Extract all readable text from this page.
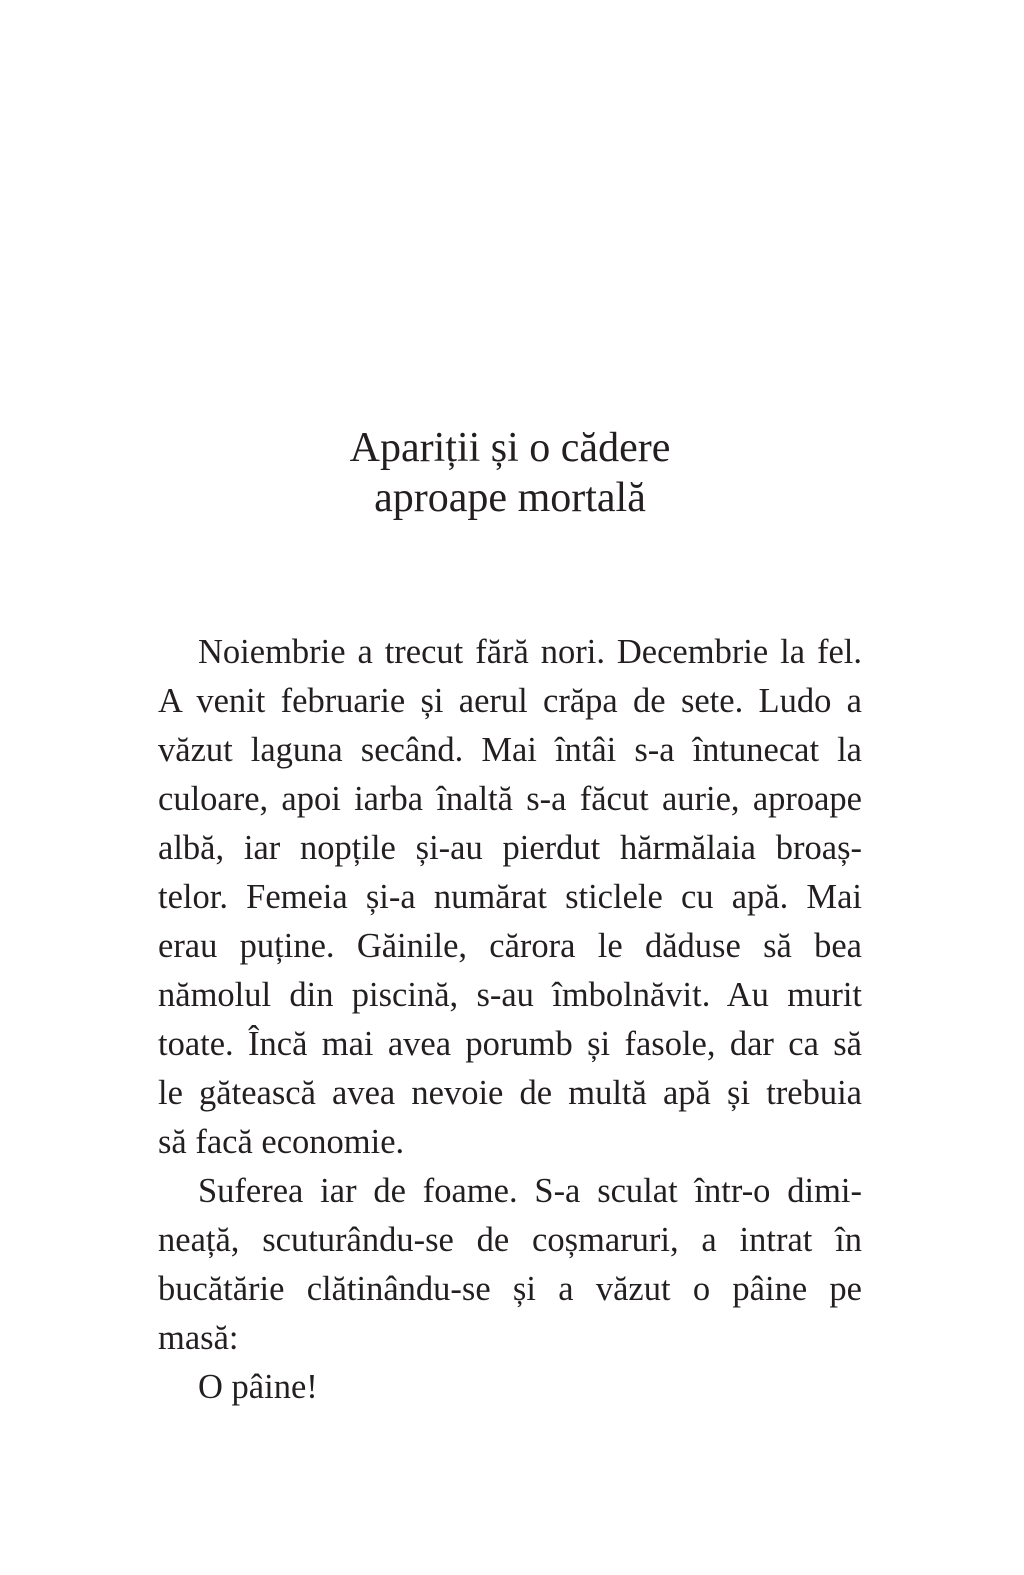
Apariții și o cădere
aproape mortală
Noiembrie a trecut fără nori. Decembrie la fel.
A venit februarie și aerul crăpa de sete. Ludo a
văzut laguna secând. Mai întâi s-a întunecat la
culoare, apoi iarba înaltă s-a făcut aurie, aproape
albă, iar nopțile și-au pierdut hărmălaia broaș-
telor. Femeia și-a numărat sticlele cu apă. Mai
erau puține. Găinile, cărora le dăduse să bea
nămolul din piscină, s-au îmbolnăvit. Au murit
toate. Încă mai avea porumb și fasole, dar ca să
le gătească avea nevoie de multă apă și trebuia
să facă economie.
Suferea iar de foame. S-a sculat într-o dimi-
neață, scuturându-se de coșmaruri, a intrat în
bucătărie clătinându-se și a văzut o pâine pe
masă:
O pâine!
